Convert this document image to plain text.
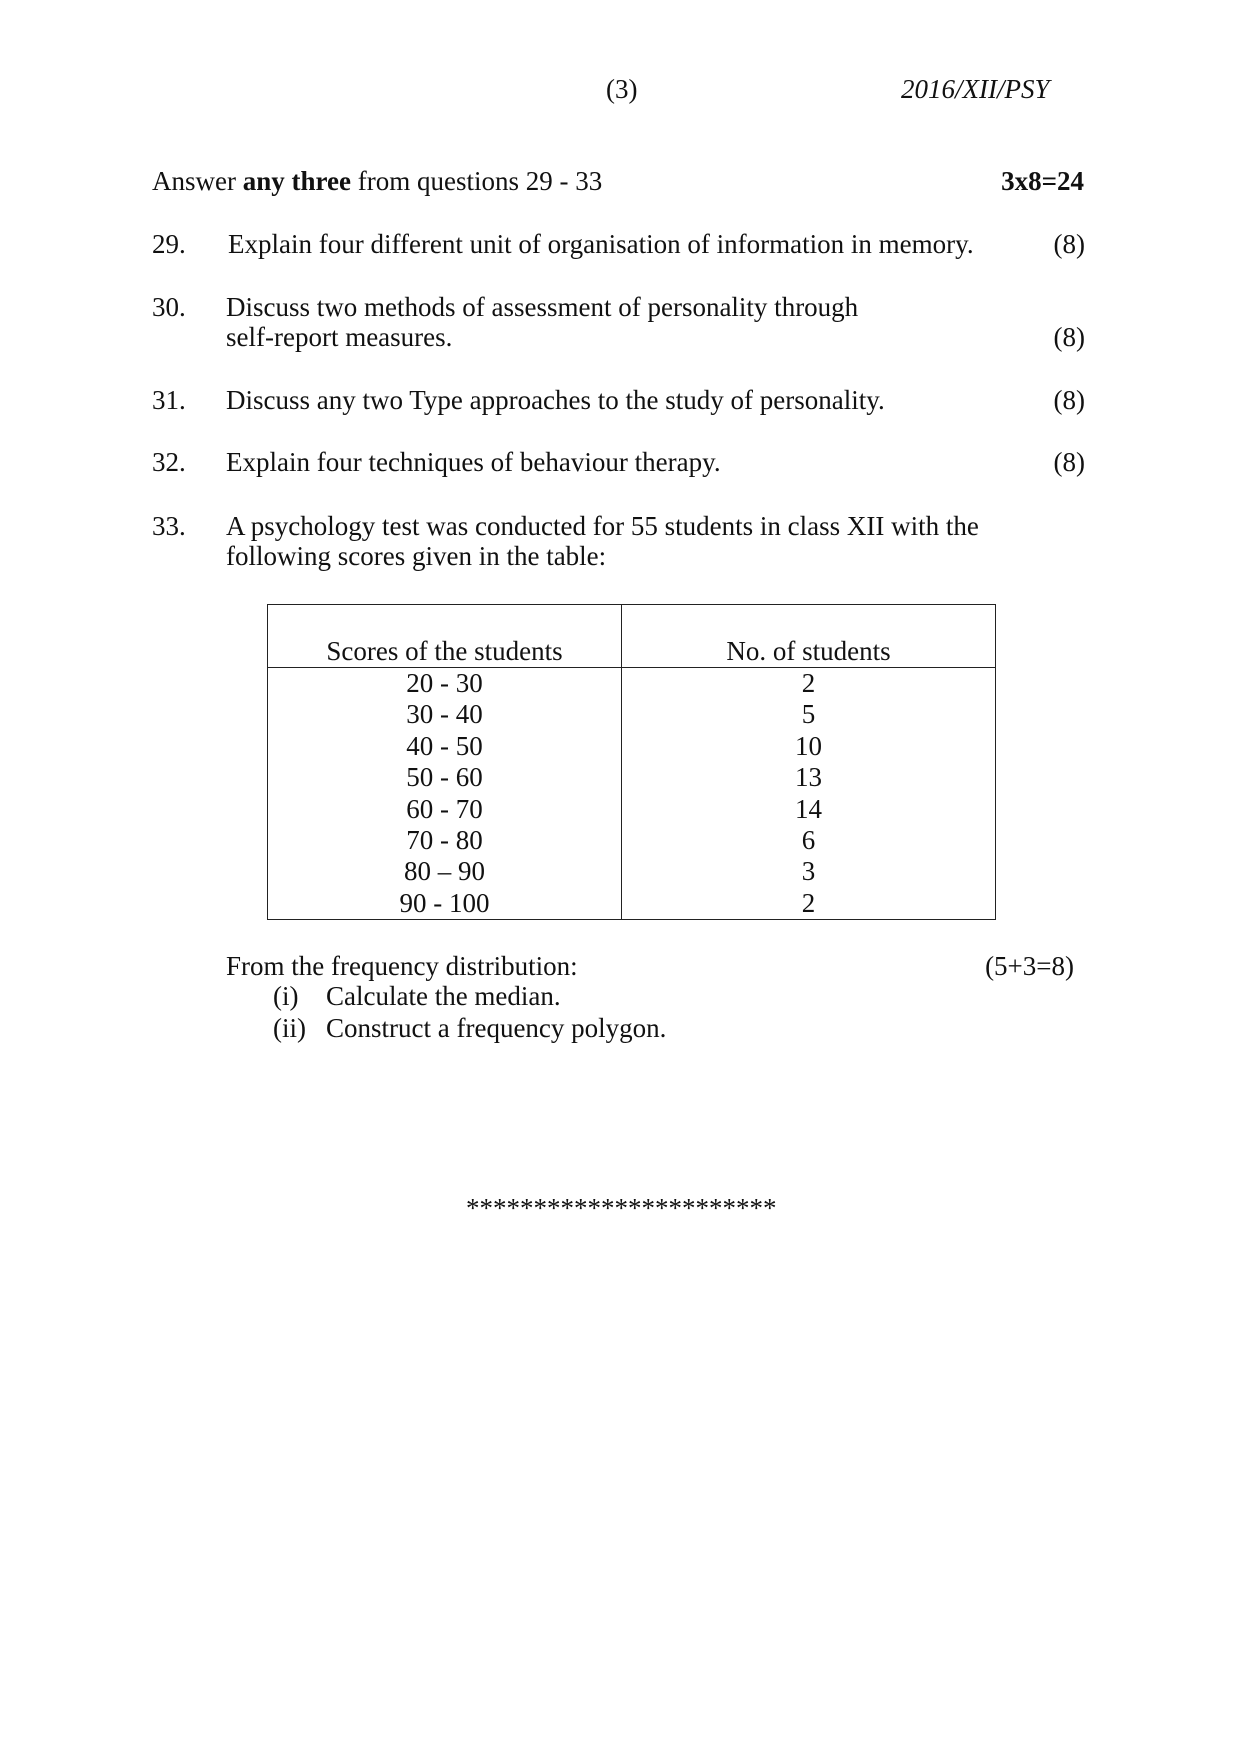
(3)	2016/XII/PSY
Answer any three from questions 29 - 33	3x8=24
29. Explain four different unit of organisation of information in memory.	(8)
30. Discuss two methods of assessment of personality through
self-report measures.	(8)
31. Discuss any two Type approaches to the study of personality.	(8)
32. Explain four techniques of behaviour therapy.	(8)
33. A psychology test was conducted for 55 students in class XII with the
following scores given in the table:
Scores of the students	No. of students
20 - 30	2
30 - 40	5
40 - 50	10
50 - 60	13
60 - 70	14
70 - 80	6
80 – 90	3
90 - 100	2
From the frequency distribution:	(5+3=8)
(i) Calculate the median.
(ii) Construct a frequency polygon.
***********************
